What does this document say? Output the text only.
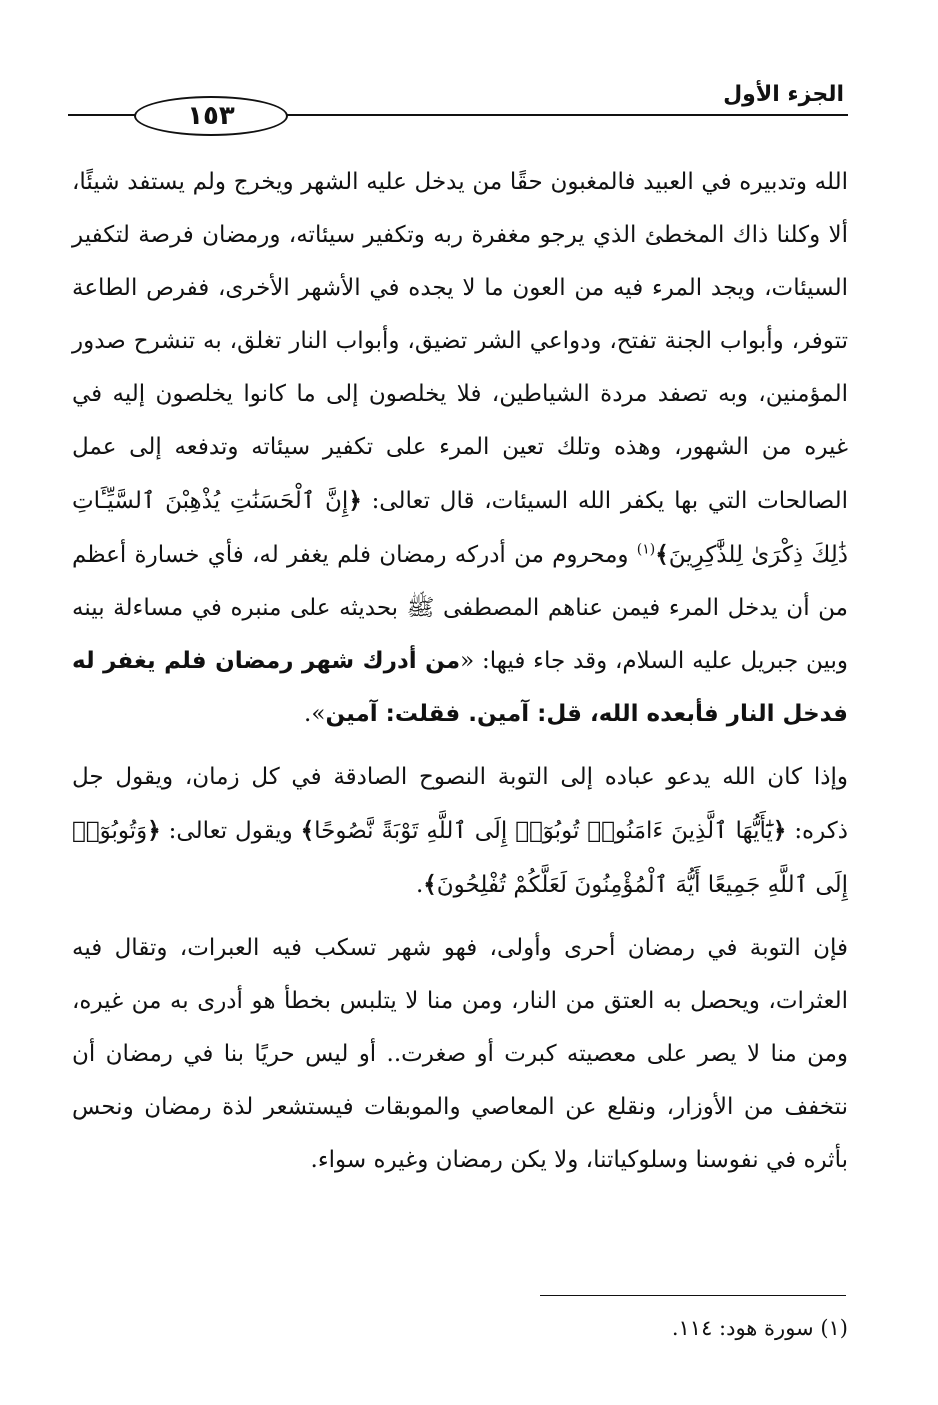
الجزء الأول
١٥٣

الله وتدبيره في العبيد فالمغبون حقًا من يدخل عليه الشهر ويخرج ولم يستفد شيئًا، ألا وكلنا ذاك المخطئ الذي يرجو مغفرة ربه وتكفير سيئاته، ورمضان فرصة لتكفير السيئات، ويجد المرء فيه من العون ما لا يجده في الأشهر الأخرى، ففرص الطاعة تتوفر، وأبواب الجنة تفتح، ودواعي الشر تضيق، وأبواب النار تغلق، به تنشرح صدور المؤمنين، وبه تصفد مردة الشياطين، فلا يخلصون إلى ما كانوا يخلصون إليه في غيره من الشهور، وهذه وتلك تعين المرء على تكفير سيئاته وتدفعه إلى عمل الصالحات التي بها يكفر الله السيئات، قال تعالى: ﴿إِنَّ ٱلْحَسَنَٰتِ يُذْهِبْنَ ٱلسَّيِّـَٔاتِ ذَٰلِكَ ذِكْرَىٰ لِلذَّٰكِرِينَ﴾$^{(١)}$ ومحروم من أدركه رمضان فلم يغفر له، فأي خسارة أعظم من أن يدخل المرء فيمن عناهم المصطفى ﷺ بحديثه على منبره في مساءلة بينه وبين جبريل عليه السلام، وقد جاء فيها: «من أدرك شهر رمضان فلم يغفر له فدخل النار فأبعده الله، قل: آمين. فقلت: آمين».

وإذا كان الله يدعو عباده إلى التوبة النصوح الصادقة في كل زمان، ويقول جل ذكره: ﴿يَٰٓأَيُّهَا ٱلَّذِينَ ءَامَنُوا۟ تُوبُوٓا۟ إِلَى ٱللَّهِ تَوْبَةً نَّصُوحًا﴾ ويقول تعالى: ﴿وَتُوبُوٓا۟ إِلَى ٱللَّهِ جَمِيعًا أَيُّهَ ٱلْمُؤْمِنُونَ لَعَلَّكُمْ تُفْلِحُونَ﴾.

فإن التوبة في رمضان أحرى وأولى، فهو شهر تسكب فيه العبرات، وتقال فيه العثرات، ويحصل به العتق من النار، ومن منا لا يتلبس بخطأ هو أدرى به من غيره، ومن منا لا يصر على معصيته كبرت أو صغرت.. أو ليس حريًا بنا في رمضان أن نتخفف من الأوزار، ونقلع عن المعاصي والموبقات فيستشعر لذة رمضان ونحس بأثره في نفوسنا وسلوكياتنا، ولا يكن رمضان وغيره سواء.

(١) سورة هود: ١١٤.
